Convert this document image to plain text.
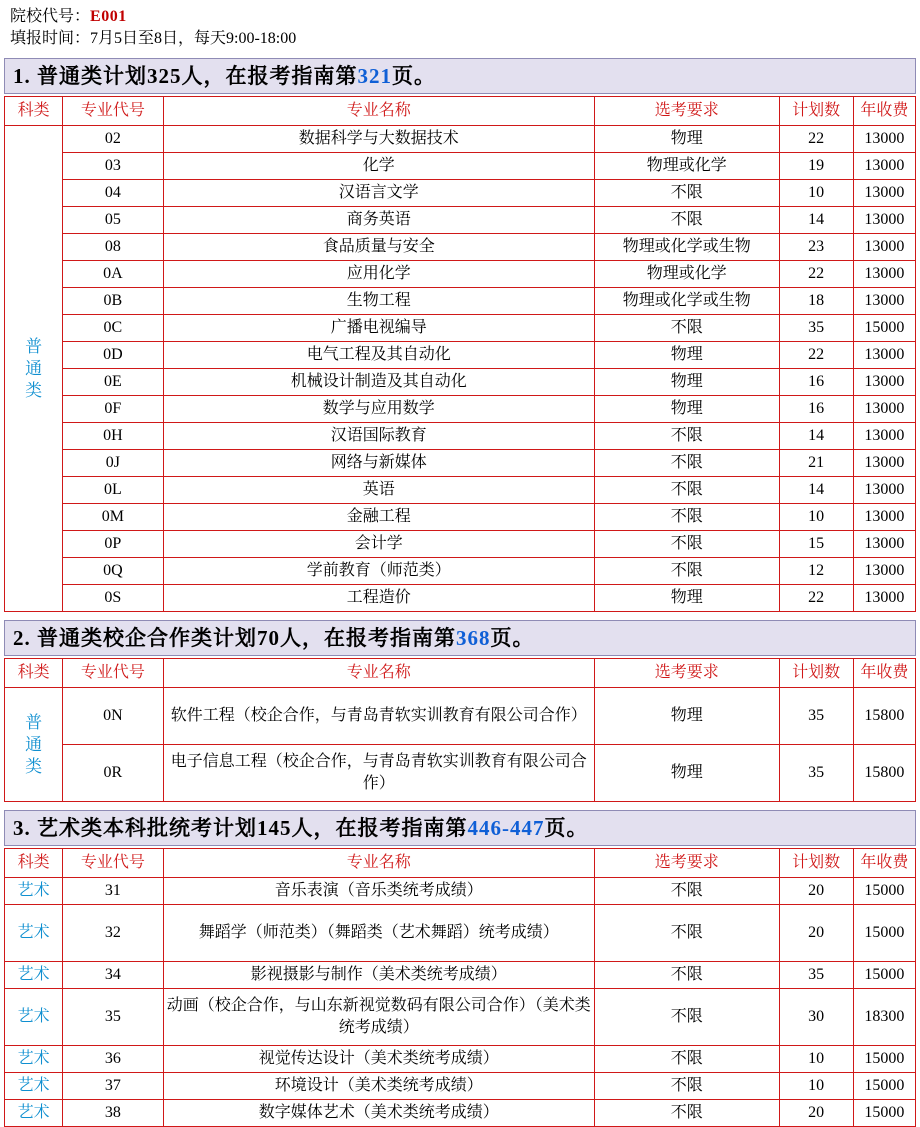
院校代号：E001
填报时间：7月5日至8日，每天9:00-18:00
1. 普通类计划325人，在报考指南第321页。
科类	专业代号	专业名称	选考要求	计划数	年收费

普
通
类	02	数据科学与大数据技术	物理	22	13000
	03	化学	物理或化学	19	13000
	04	汉语言文学	不限	10	13000
	05	商务英语	不限	14	13000
	08	食品质量与安全	物理或化学或生物	23	13000
	0A	应用化学	物理或化学	22	13000
	0B	生物工程	物理或化学或生物	18	13000
	0C	广播电视编导	不限	35	15000
	0D	电气工程及其自动化	物理	22	13000
	0E	机械设计制造及其自动化	物理	16	13000
	0F	数学与应用数学	物理	16	13000
	0H	汉语国际教育	不限	14	13000
	0J	网络与新媒体	不限	21	13000
	0L	英语	不限	14	13000
	0M	金融工程	不限	10	13000
	0P	会计学	不限	15	13000
	0Q	学前教育（师范类）	不限	12	13000
	0S	工程造价	物理	22	13000
2. 普通类校企合作类计划70人，在报考指南第368页。
科类	专业代号	专业名称	选考要求	计划数	年收费

普
通
类	0N	软件工程（校企合作，与青岛青软实训教育有限公司合作）	物理	35	15800
	0R	电子信息工程（校企合作，与青岛青软实训教育有限公司合作）	物理	35	15800
3. 艺术类本科批统考计划145人，在报考指南第446-447页。
科类	专业代号	专业名称	选考要求	计划数	年收费
艺术	31	音乐表演（音乐类统考成绩）	不限	20	15000
艺术	32	舞蹈学（师范类）（舞蹈类（艺术舞蹈）统考成绩）	不限	20	15000
艺术	34	影视摄影与制作（美术类统考成绩）	不限	35	15000
艺术	35	动画（校企合作，与山东新视觉数码有限公司合作）（美术类统考成绩）	不限	30	18300
艺术	36	视觉传达设计（美术类统考成绩）	不限	10	15000
艺术	37	环境设计（美术类统考成绩）	不限	10	15000
艺术	38	数字媒体艺术（美术类统考成绩）	不限	20	15000
